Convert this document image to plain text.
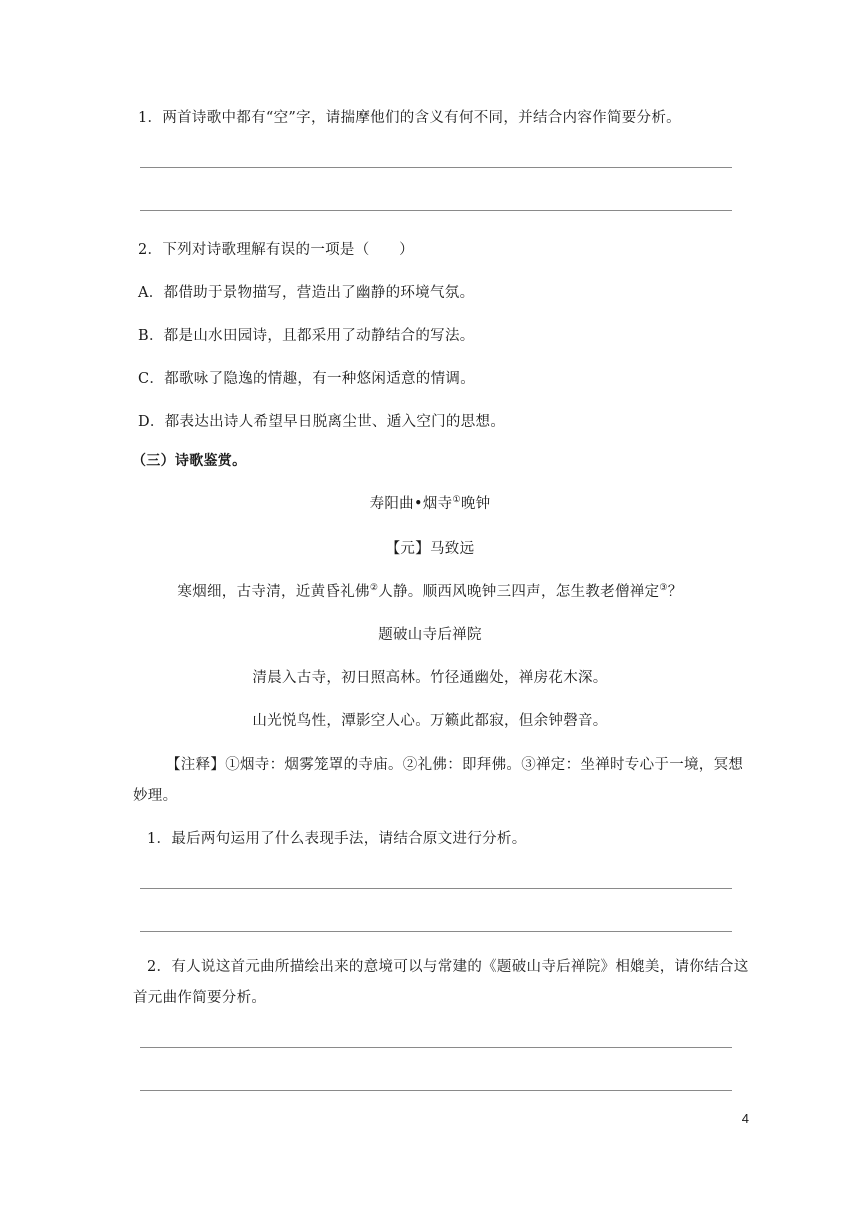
1．两首诗歌中都有“空”字，请揣摩他们的含义有何不同，并结合内容作简要分析。
2．下列对诗歌理解有误的一项是（　　）
A．都借助于景物描写，营造出了幽静的环境气氛。
B．都是山水田园诗，且都采用了动静结合的写法。
C．都歌咏了隐逸的情趣，有一种悠闲适意的情调。
D．都表达出诗人希望早日脱离尘世、遁入空门的思想。
（三）诗歌鉴赏。
寿阳曲•烟寺①晚钟
【元】马致远
寒烟细，古寺清，近黄昏礼佛②人静。顺西风晚钟三四声，怎生教老僧禅定③？
题破山寺后禅院
清晨入古寺，初日照高林。竹径通幽处，禅房花木深。
山光悦鸟性，潭影空人心。万籁此都寂，但余钟磬音。
【注释】①烟寺：烟雾笼罩的寺庙。②礼佛：即拜佛。③禅定：坐禅时专心于一境，冥想
妙理。
1．最后两句运用了什么表现手法，请结合原文进行分析。
2．有人说这首元曲所描绘出来的意境可以与常建的《题破山寺后禅院》相媲美，请你结合这
首元曲作简要分析。
4
